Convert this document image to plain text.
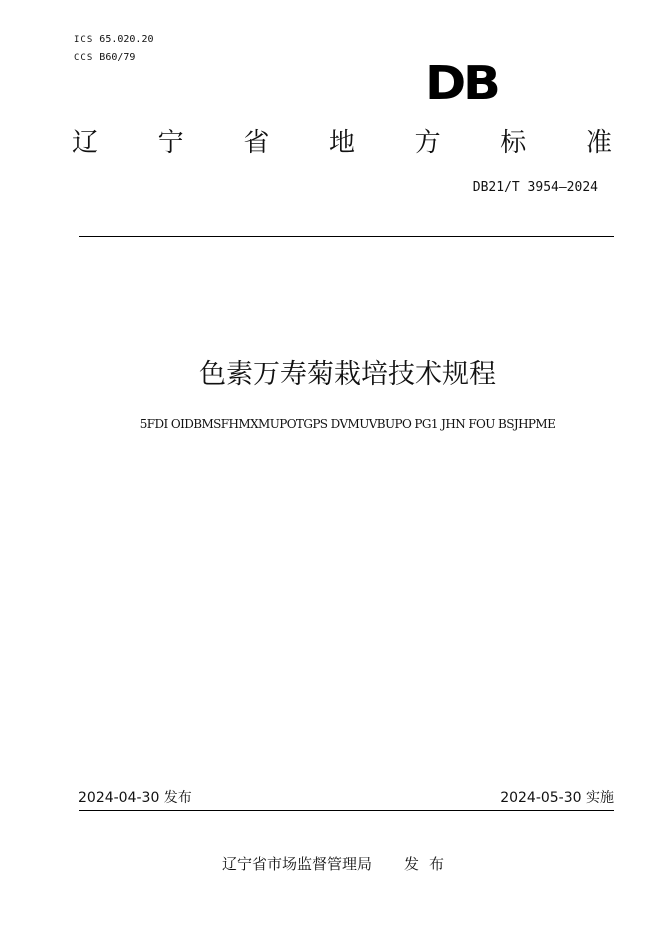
ICS 65.020.20
CCS B60/79	DB
辽 宁 省 地 方 标 准
DB21/T 3954—2024
色素万寿菊栽培技术规程
5FDI OIDBMSFHMXMUPOTGPS DVMUVBUPO PG1 JHN FOU BSJHPME
2024-04-30 发布	2024-05-30 实施
辽宁省市场监督管理局 发布
